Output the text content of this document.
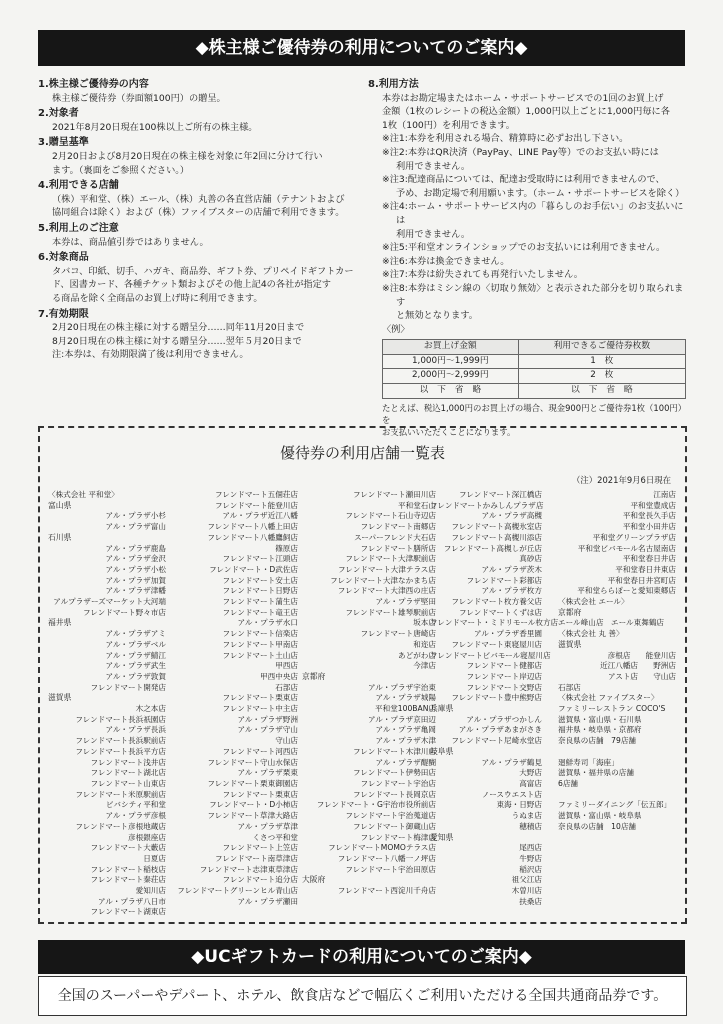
◆株主様ご優待券の利用についてのご案内◆
1.株主様ご優待券の内容
株主様ご優待券（券面額100円）の贈呈。
2.対象者
2021年8月20日現在100株以上ご所有の株主様。
3.贈呈基準
2月20日および8月20日現在の株主様を対象に年2回に分けて行い
ます。（裏面をご参照ください。）
4.利用できる店舗
（株）平和堂、（株）エール、（株）丸善の各直営店舗（テナントおよび
協同組合は除く）および（株）ファイブスターの店舗で利用できます。
5.利用上のご注意
本券は、商品値引券ではありません。
6.対象商品
タバコ、印紙、切手、ハガキ、商品券、ギフト券、プリペイドギフトカー
ド、図書カード、各種チケット類およびその他上記4の各社が指定す
る商品を除く全商品のお買上げ時に利用できます。
7.有効期限
2月20日現在の株主様に対する贈呈分……同年11月20日まで
8月20日現在の株主様に対する贈呈分……翌年５月20日まで
注:本券は、有効期限満了後は利用できません。
8.利用方法
本券はお勘定場またはホーム・サポートサービスでの1回のお買上げ
金額（1枚のレシートの税込金額）1,000円以上ごとに1,000円毎に各
1枚（100円）を利用できます。
※注1:本券を利用される場合、精算時に必ずお出し下さい。
※注2:本券はQR決済（PayPay、LINE Pay等）でのお支払い時には
利用できません。
※注3:配達商品については、配達お受取時には利用できませんので、
予め、お勘定場で利用願います。（ホーム・サポートサービスを除く）
※注4:ホーム・サポートサービス内の「暮らしのお手伝い」のお支払いには
利用できません。
※注5:平和堂オンラインショップでのお支払いには利用できません。
※注6:本券は換金できません。
※注7:本券は紛失されても再発行いたしません。
※注8:本券はミシン線の〈切取り無効〉と表示された部分を切り取られます
と無効となります。
〈例〉
お買上げ金額	利用できるご優待券枚数
1,000円～1,999円	1　枚
2,000円～2,999円	2　枚
以　下　省　略	以　下　省　略
たとえば、税込1,000円のお買上げの場合、現金900円とご優待券1枚（100円）を
お支払いいただくことになります。
優待券の利用店舗一覧表
（注）2021年9月6日現在
〈株式会社 平和堂〉
富山県
アル・プラザ小杉
アル・プラザ富山
石川県
アル・プラザ鹿島
アル・プラザ金沢
アル・プラザ小松
アル・プラザ加賀
アル・プラザ津幡
アルプラザーズマーケット大河端
フレンドマート野々市店
福井県
アル・プラザアミ
アル・プラザベル
アル・プラザ鯖江
アル・プラザ武生
アル・プラザ敦賀
フレンドマート開発店
滋賀県
木之本店
フレンドマート長浜祇園店
アル・プラザ長浜
フレンドマート長浜駅前店
フレンドマート長浜平方店
フレンドマート浅井店
フレンドマート湖北店
フレンドマート山東店
フレンドマート米原駅前店
ビバシティ平和堂
アル・プラザ彦根
フレンドマート彦根地蔵店
彦根銀座店
フレンドマート大藪店
日夏店
フレンドマート稲枝店
フレンドマート秦荘店
愛知川店
アル・プラザ八日市
フレンドマート湖東店
フレンドマート五個荘店
フレンドマート能登川店
アル・プラザ近江八幡
フレンドマート八幡上田店
フレンドマート八幡鷹飼店
篠原店
フレンドマート江頭店
フレンドマート・D武佐店
フレンドマート安土店
フレンドマート日野店
フレンドマート蒲生店
フレンドマート竜王店
アル・プラザ水口
フレンドマート信楽店
フレンドマート甲南店
フレンドマート土山店
甲西店
甲西中央店
石部店
フレンドマート栗東店
フレンドマート中主店
アル・プラザ野洲
アル・プラザ守山
守山店
フレンドマート河西店
フレンドマート守山水保店
アル・プラザ栗東
フレンドマート栗東御園店
フレンドマート栗東店
フレンドマート・D小柿店
フレンドマート草津大路店
アル・プラザ草津
くさつ平和堂
フレンドマート上笠店
フレンドマート南草津店
フレンドマート志津東草津店
フレンドマート追分店
フレンドマートグリーンヒル青山店
アル・プラザ瀬田
フレンドマート瀬田川店
平和堂石山
フレンドマート石山寺辺店
フレンドマート南郷店
スーパーフレンド大石店
フレンドマート膳所店
フレンドマート大津駅前店
フレンドマート大津テラス店
フレンドマート大津なかまち店
フレンドマート大津西の庄店
アル・プラザ堅田
フレンドマート雄琴駅前店
坂本店
フレンドマート唐崎店
和迩店
あどがわ店
今津店
京都府
アル・プラザ宇治東
アル・プラザ城陽
平和堂100BAN店
アル・プラザ京田辺
アル・プラザ亀岡
アル・プラザ木津
フレンドマート木津川店
アル・プラザ醍醐
フレンドマート伊勢田店
フレンドマート宇治店
フレンドマート長岡京店
フレンドマート・G宇治市役所前店
フレンドマート宇治蒐道店
フレンドマート御蔵山店
フレンドマート梅津店
フレンドマートMOMOテラス店
フレンドマート八幡一ノ坪店
フレンドマート宇治田原店
大阪府
フレンドマート西淀川千舟店
フレンドマート深江橋店
フレンドマートかみしんプラザ店
アル・プラザ高槻
フレンドマート高槻氷室店
フレンドマート高槻川添店
フレンドマート高槻しが丘店
真砂店
アル・プラザ茨木
フレンドマート彩都店
アル・プラザ枚方
フレンドマート枚方養父店
フレンドマートくずは店
フレンドマート・ミドリモール枚方店
アル・プラザ香里園
フレンドマート東寝屋川店
フレンドマートビバモール寝屋川店
フレンドマート健都店
フレンドマート岸辺店
フレンドマート交野店
フレンドマート豊中熊野店
兵庫県
アル・プラザつかしん
アル・プラザあまがさき
フレンドマート尼崎水堂店
岐阜県
アル・プラザ鶴見
大野店
高富店
ノースウエスト店
東海・日野店
うぬま店
穂積店
愛知県
尾西店
牛野店
稲沢店
祖父江店
木曽川店
扶桑店
江南店
平和堂豊成店
平和堂長久手店
平和堂小田井店
平和堂グリーンプラザ店
平和堂ビバモール名古屋南店
平和堂春日井店
平和堂春日井東店
平和堂春日井宮町店
平和堂ららぽーと愛知東郷店
〈株式会社 エール〉
京都府
エール峰山店　エール東舞鶴店
〈株式会社 丸 善〉
滋賀県
彦根店　　能登川店
近江八幡店　　野洲店
アスト店　　守山店
石部店
〈株式会社 ファイブスター〉
ファミリーレストラン COCO'S
滋賀県・富山県・石川県
福井県・岐阜県・京都府
奈良県の店舗　79店舗

廻鮮寿司「海座」
滋賀県・福井県の店舗
6店舗

ファミリーダイニング「伝五郎」
滋賀県・富山県・岐阜県
奈良県の店舗　10店舗
◆UCギフトカードの利用についてのご案内◆
全国のスーパーやデパート、ホテル、飲食店などで幅広くご利用いただける全国共通商品券です。
